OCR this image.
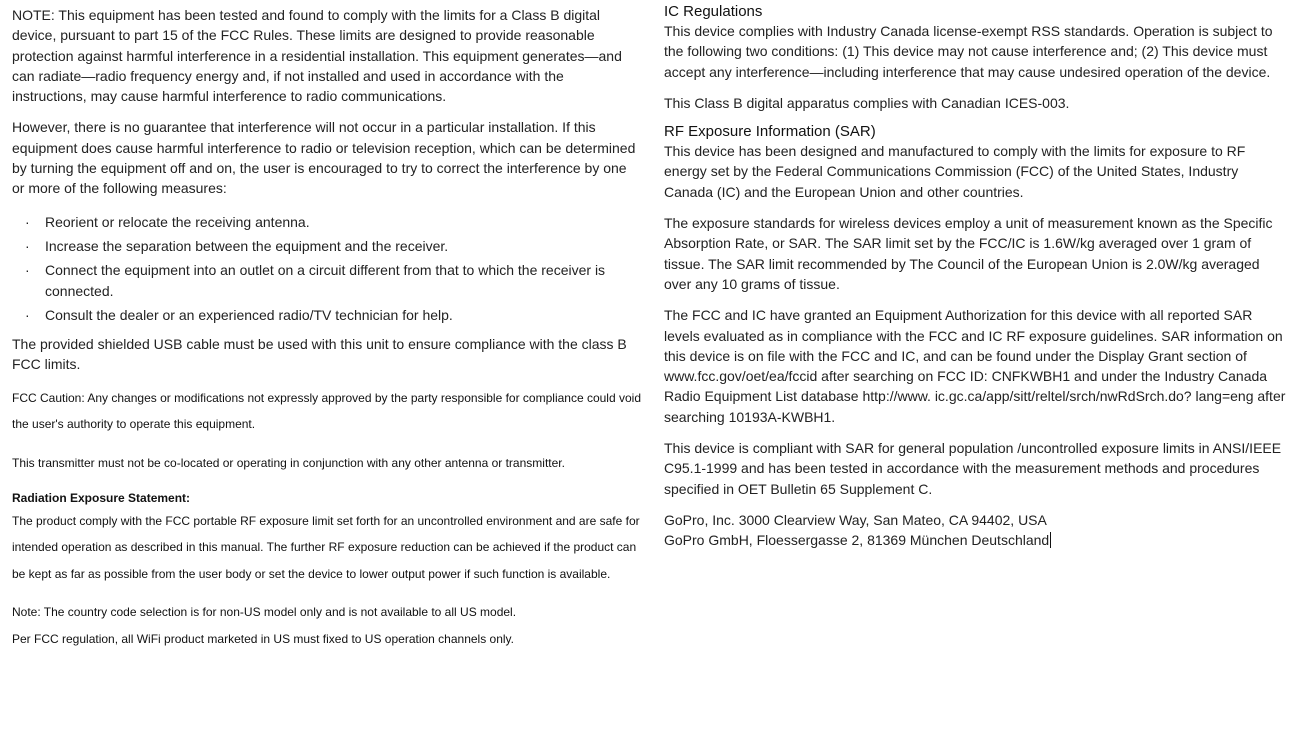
NOTE: This equipment has been tested and found to comply with the limits for a Class B digital device, pursuant to part 15 of the FCC Rules. These limits are designed to provide reasonable protection against harmful interference in a residential installation. This equipment generates—and can radiate—radio frequency energy and, if not installed and used in accordance with the instructions, may cause harmful interference to radio communications.

However, there is no guarantee that interference will not occur in a particular installation. If this equipment does cause harmful interference to radio or television reception, which can be determined by turning the equipment off and on, the user is encouraged to try to correct the interference by one or more of the following measures:

· Reorient or relocate the receiving antenna.
· Increase the separation between the equipment and the receiver.
· Connect the equipment into an outlet on a circuit different from that to which the receiver is connected.
· Consult the dealer or an experienced radio/TV technician for help.

The provided shielded USB cable must be used with this unit to ensure compliance with the class B FCC limits.

FCC Caution: Any changes or modifications not expressly approved by the party responsible for compliance could void the user's authority to operate this equipment.

This transmitter must not be co-located or operating in conjunction with any other antenna or transmitter.

Radiation Exposure Statement:

The product comply with the FCC portable RF exposure limit set forth for an uncontrolled environment and are safe for intended operation as described in this manual. The further RF exposure reduction can be achieved if the product can be kept as far as possible from the user body or set the device to lower output power if such function is available.

Note: The country code selection is for non-US model only and is not available to all US model.

Per FCC regulation, all WiFi product marketed in US must fixed to US operation channels only.

IC Regulations

This device complies with Industry Canada license-exempt RSS standards. Operation is subject to the following two conditions: (1) This device may not cause interference and; (2) This device must accept any interference—including interference that may cause undesired operation of the device.

This Class B digital apparatus complies with Canadian ICES-003.

RF Exposure Information (SAR)

This device has been designed and manufactured to comply with the limits for exposure to RF energy set by the Federal Communications Commission (FCC) of the United States, Industry Canada (IC) and the European Union and other countries.

The exposure standards for wireless devices employ a unit of measurement known as the Specific Absorption Rate, or SAR. The SAR limit set by the FCC/IC is 1.6W/kg averaged over 1 gram of tissue. The SAR limit recommended by The Council of the European Union is 2.0W/kg averaged over any 10 grams of tissue.

The FCC and IC have granted an Equipment Authorization for this device with all reported SAR levels evaluated as in compliance with the FCC and IC RF exposure guidelines. SAR information on this device is on file with the FCC and IC, and can be found under the Display Grant section of www.fcc.gov/oet/ea/fccid after searching on FCC ID: CNFKWBH1 and under the Industry Canada Radio Equipment List database http://www. ic.gc.ca/app/sitt/reltel/srch/nwRdSrch.do? lang=eng after searching 10193A-KWBH1.

This device is compliant with SAR for general population /uncontrolled exposure limits in ANSI/IEEE C95.1-1999 and has been tested in accordance with the measurement methods and procedures specified in OET Bulletin 65 Supplement C.

GoPro, Inc. 3000 Clearview Way, San Mateo, CA 94402, USA

GoPro GmbH, Floessergasse 2, 81369 München Deutschland
